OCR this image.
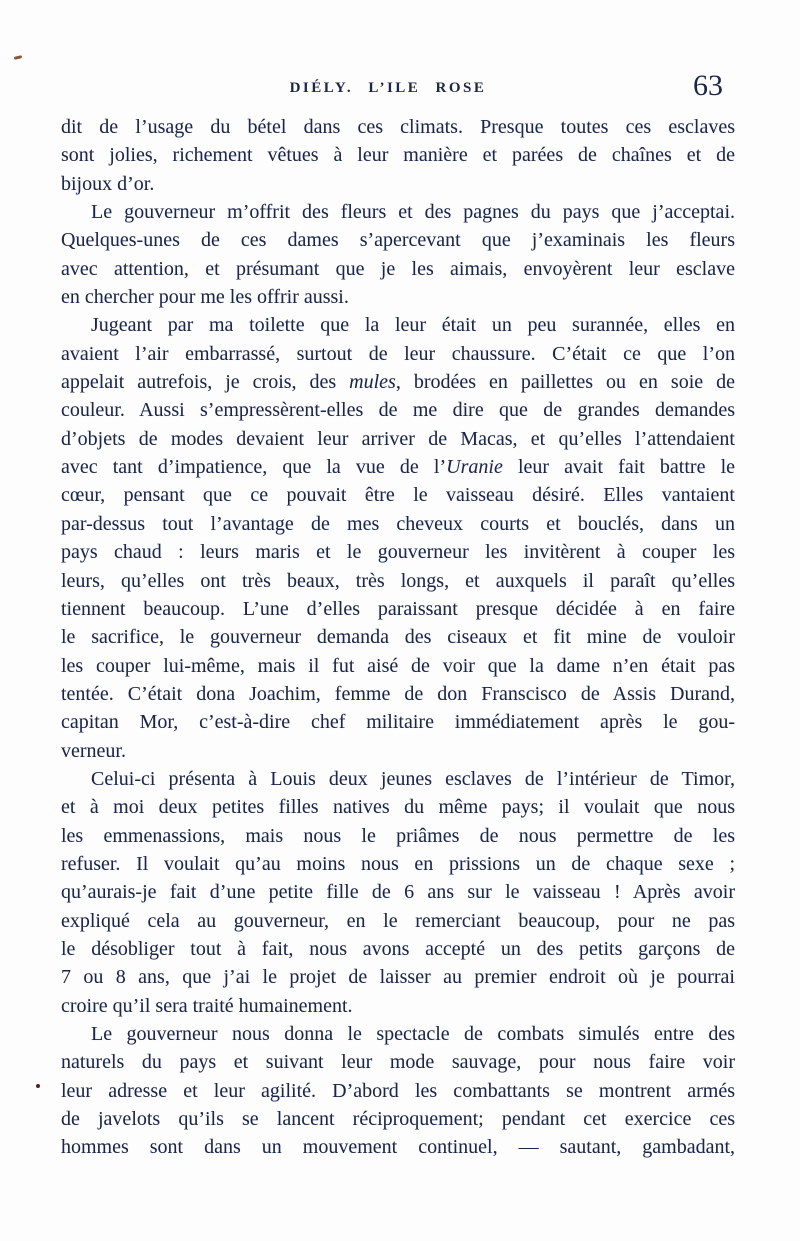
DIÉLY. L’ILE ROSE	63
dit de l’usage du bétel dans ces climats. Presque toutes ces esclaves
sont jolies, richement vêtues à leur manière et parées de chaînes et de
bijoux d’or.
Le gouverneur m’offrit des fleurs et des pagnes du pays que j’acceptai.
Quelques-unes de ces dames s’apercevant que j’examinais les fleurs
avec attention, et présumant que je les aimais, envoyèrent leur esclave
en chercher pour me les offrir aussi.
Jugeant par ma toilette que la leur était un peu surannée, elles en
avaient l’air embarrassé, surtout de leur chaussure. C’était ce que l’on
appelait autrefois, je crois, des mules, brodées en paillettes ou en soie de
couleur. Aussi s’empressèrent-elles de me dire que de grandes demandes
d’objets de modes devaient leur arriver de Macas, et qu’elles l’attendaient
avec tant d’impatience, que la vue de l’Uranie leur avait fait battre le
cœur, pensant que ce pouvait être le vaisseau désiré. Elles vantaient
par-dessus tout l’avantage de mes cheveux courts et bouclés, dans un
pays chaud : leurs maris et le gouverneur les invitèrent à couper les
leurs, qu’elles ont très beaux, très longs, et auxquels il paraît qu’elles
tiennent beaucoup. L’une d’elles paraissant presque décidée à en faire
le sacrifice, le gouverneur demanda des ciseaux et fit mine de vouloir
les couper lui-même, mais il fut aisé de voir que la dame n’en était pas
tentée. C’était dona Joachim, femme de don Franscisco de Assis Durand,
capitan Mor, c’est-à-dire chef militaire immédiatement après le gou-
verneur.
Celui-ci présenta à Louis deux jeunes esclaves de l’intérieur de Timor,
et à moi deux petites filles natives du même pays; il voulait que nous
les emmenassions, mais nous le priâmes de nous permettre de les
refuser. Il voulait qu’au moins nous en prissions un de chaque sexe ;
qu’aurais-je fait d’une petite fille de 6 ans sur le vaisseau ! Après avoir
expliqué cela au gouverneur, en le remerciant beaucoup, pour ne pas
le désobliger tout à fait, nous avons accepté un des petits garçons de
7 ou 8 ans, que j’ai le projet de laisser au premier endroit où je pourrai
croire qu’il sera traité humainement.
Le gouverneur nous donna le spectacle de combats simulés entre des
naturels du pays et suivant leur mode sauvage, pour nous faire voir
leur adresse et leur agilité. D’abord les combattants se montrent armés
de javelots qu’ils se lancent réciproquement; pendant cet exercice ces
hommes sont dans un mouvement continuel, — sautant, gambadant,
